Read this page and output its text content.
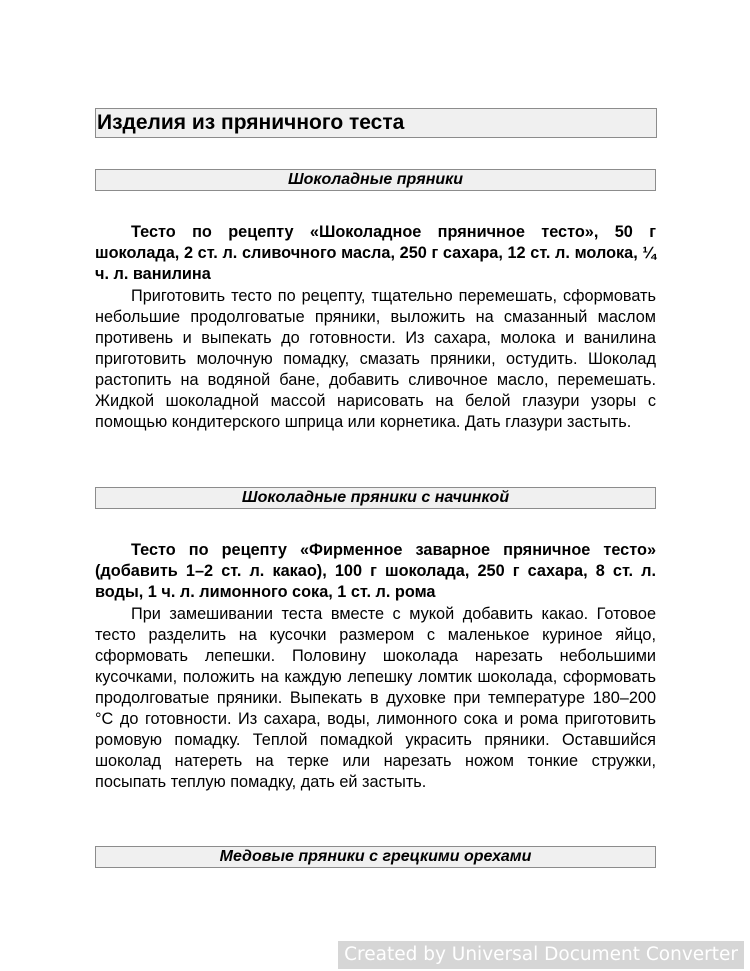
Изделия из пряничного теста
Шоколадные пряники

Тесто по рецепту «Шоколадное пряничное тесто», 50 г шоколада, 2 ст. л. сливочного масла, 250 г сахара, 12 ст. л. молока, ¼ ч. л. ванилина

Приготовить тесто по рецепту, тщательно перемешать, сформовать небольшие продолговатые пряники, выложить на смазанный маслом противень и выпекать до готовности. Из сахара, молока и ванилина приготовить молочную помадку, смазать пряники, остудить. Шоколад растопить на водяной бане, добавить сливочное масло, перемешать. Жидкой шоколадной массой нарисовать на белой глазури узоры с помощью кондитерского шприца или корнетика. Дать глазури застыть.

Шоколадные пряники с начинкой

Тесто по рецепту «Фирменное заварное пряничное тесто» (добавить 1–2 ст. л. какао), 100 г шоколада, 250 г сахара, 8 ст. л. воды, 1 ч. л. лимонного сока, 1 ст. л. рома

При замешивании теста вместе с мукой добавить какао. Готовое тесто разделить на кусочки размером с маленькое куриное яйцо, сформовать лепешки. Половину шоколада нарезать небольшими кусочками, положить на каждую лепешку ломтик шоколада, сформовать продолговатые пряники. Выпекать в духовке при температуре 180–200 °C до готовности. Из сахара, воды, лимонного сока и рома приготовить ромовую помадку. Теплой помадкой украсить пряники. Оставшийся шоколад натереть на терке или нарезать ножом тонкие стружки, посыпать теплую помадку, дать ей застыть.

Медовые пряники с грецкими орехами
Created by Universal Document Converter
